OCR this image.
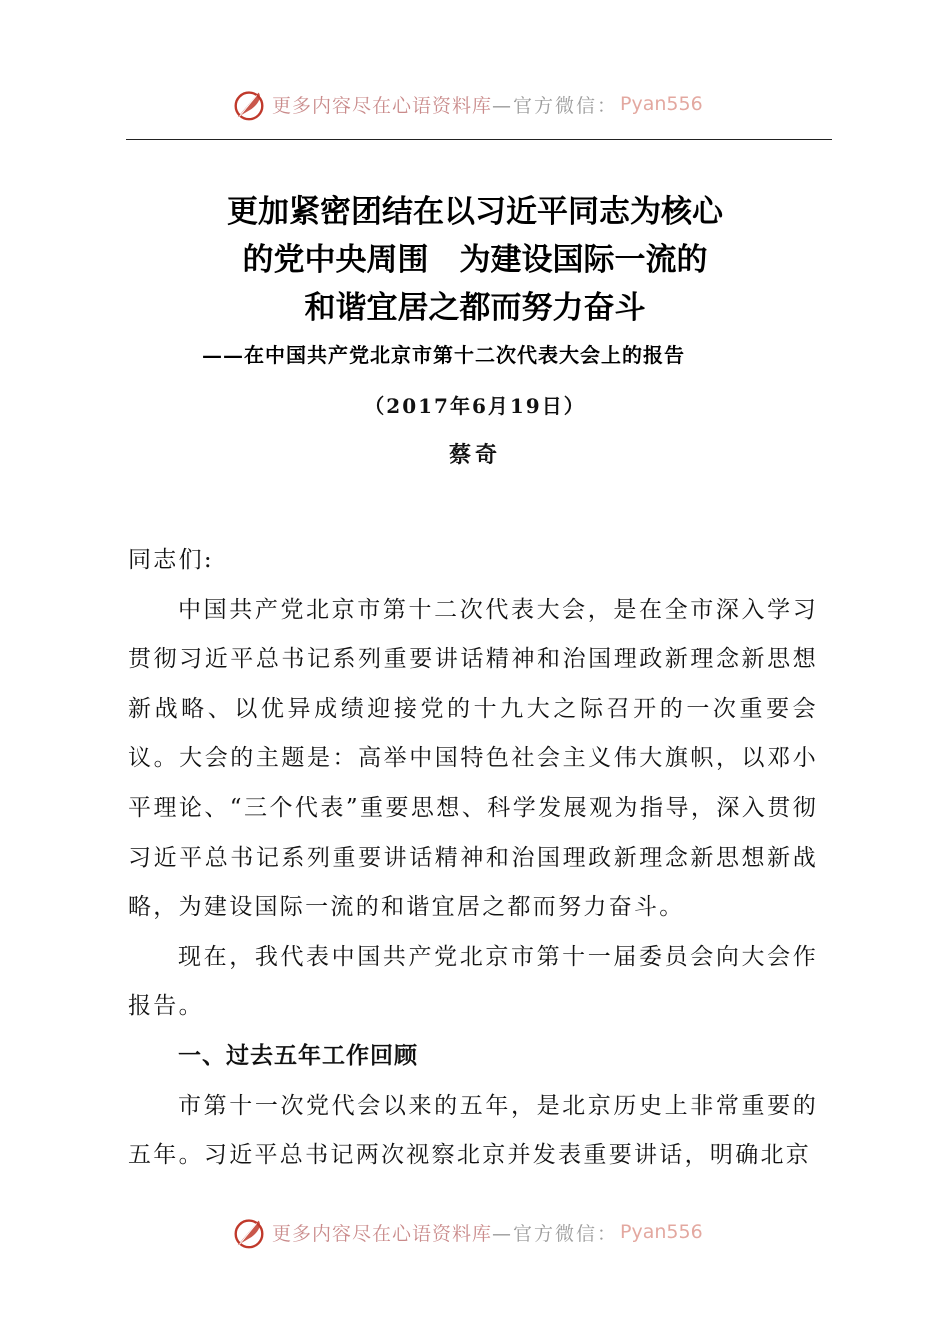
更多内容尽在心语资料库 —官方微信： Pyan556
更加紧密团结在以习近平同志为核心
的党中央周围　为建设国际一流的
和谐宜居之都而努力奋斗
——在中国共产党北京市第十二次代表大会上的报告
（2017年6月19日）
蔡奇

同志们:

中国共产党北京市第十二次代表大会，是在全市深入学习贯彻习近平总书记系列重要讲话精神和治国理政新理念新思想新战略、以优异成绩迎接党的十九大之际召开的一次重要会议。大会的主题是：高举中国特色社会主义伟大旗帜，以邓小平理论、“三个代表”重要思想、科学发展观为指导，深入贯彻习近平总书记系列重要讲话精神和治国理政新理念新思想新战略，为建设国际一流的和谐宜居之都而努力奋斗。

现在，我代表中国共产党北京市第十一届委员会向大会作报告。

一、过去五年工作回顾

市第十一次党代会以来的五年，是北京历史上非常重要的五年。习近平总书记两次视察北京并发表重要讲话，明确北京

更多内容尽在心语资料库 —官方微信： Pyan556
